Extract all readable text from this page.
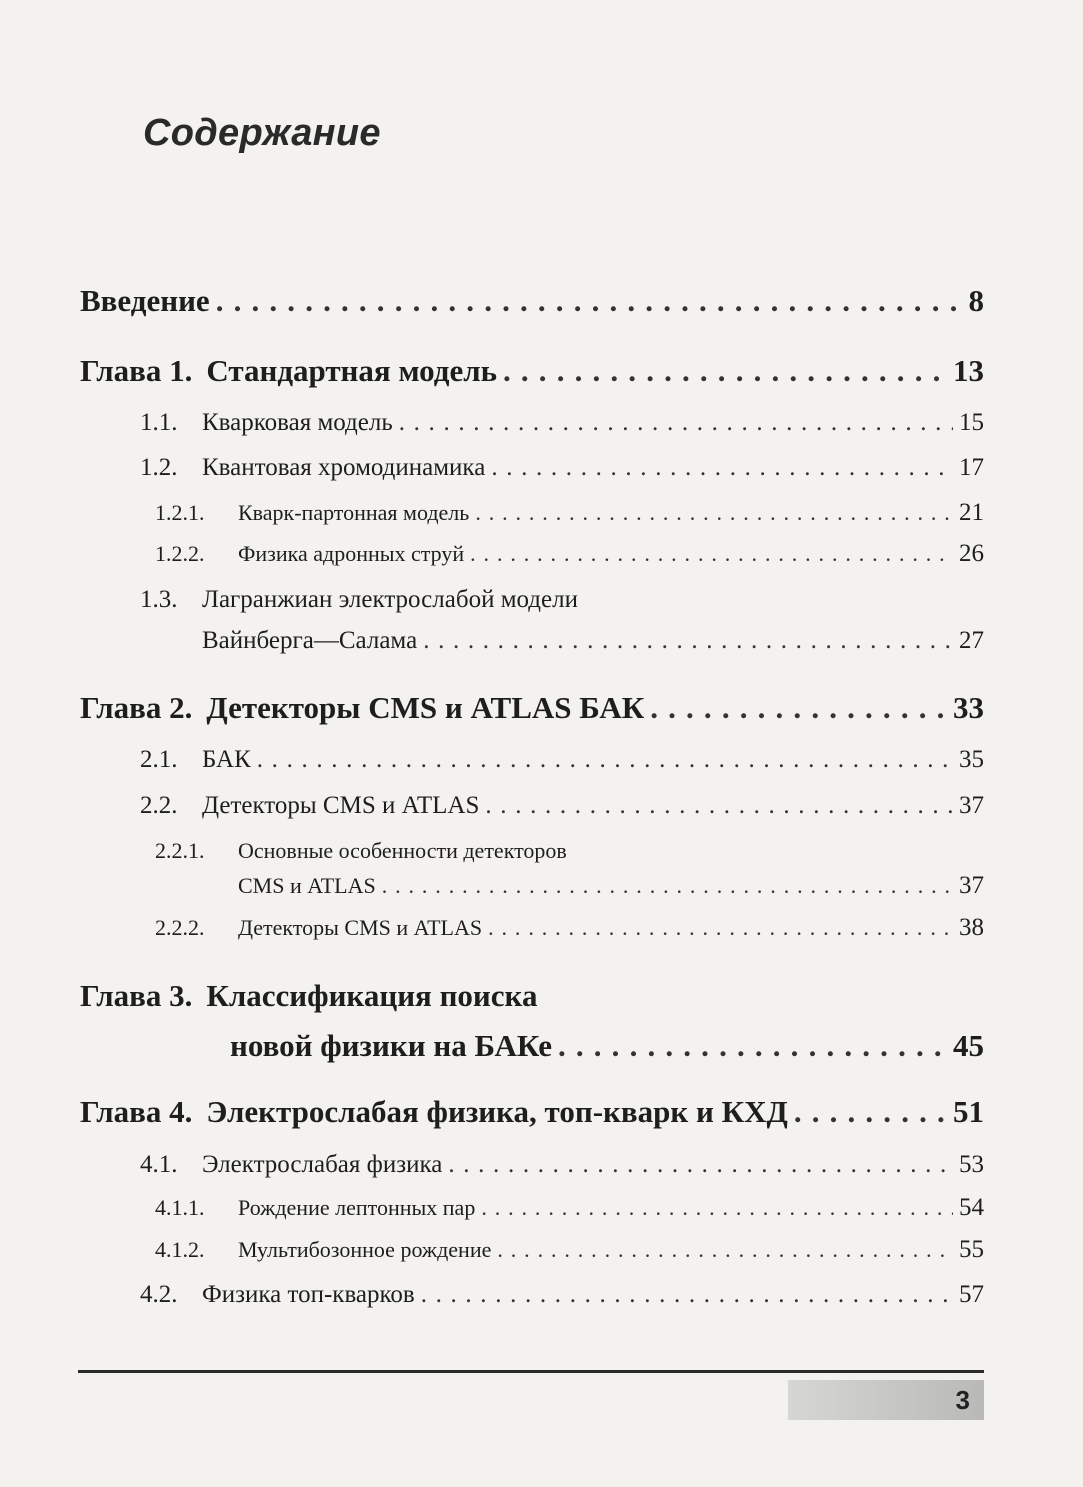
Содержание
Введение . . .	8
Глава 1. Стандартная модель . . .	13
1.1. Кварковая модель . . .	15
1.2. Квантовая хромодинамика . . .	17
1.2.1.	Кварк-партонная модель . . .	21
1.2.2.	Физика адронных струй . . .	26
1.3. Лагранжиан электрослабой модели
Вайнберга—Салама . . .	27
Глава 2. Детекторы CMS и ATLAS БАК . . .	33
2.1. БАК . . .	35
2.2. Детекторы CMS и ATLAS . . .	37
2.2.1. Основные особенности детекторов
CMS и ATLAS . . .	37
2.2.2.	Детекторы CMS и ATLAS . . .	38
Глава 3. Классификация поиска
новой физики на БАКе . . .	45
Глава 4. Электрослабая физика, топ-кварк и КХД . . .	51
4.1. Электрослабая физика . . .	53
4.1.1.	Рождение лептонных пар . . .	54
4.1.2.	Мультибозонное рождение . . .	55
4.2. Физика топ-кварков . . .	57
3
